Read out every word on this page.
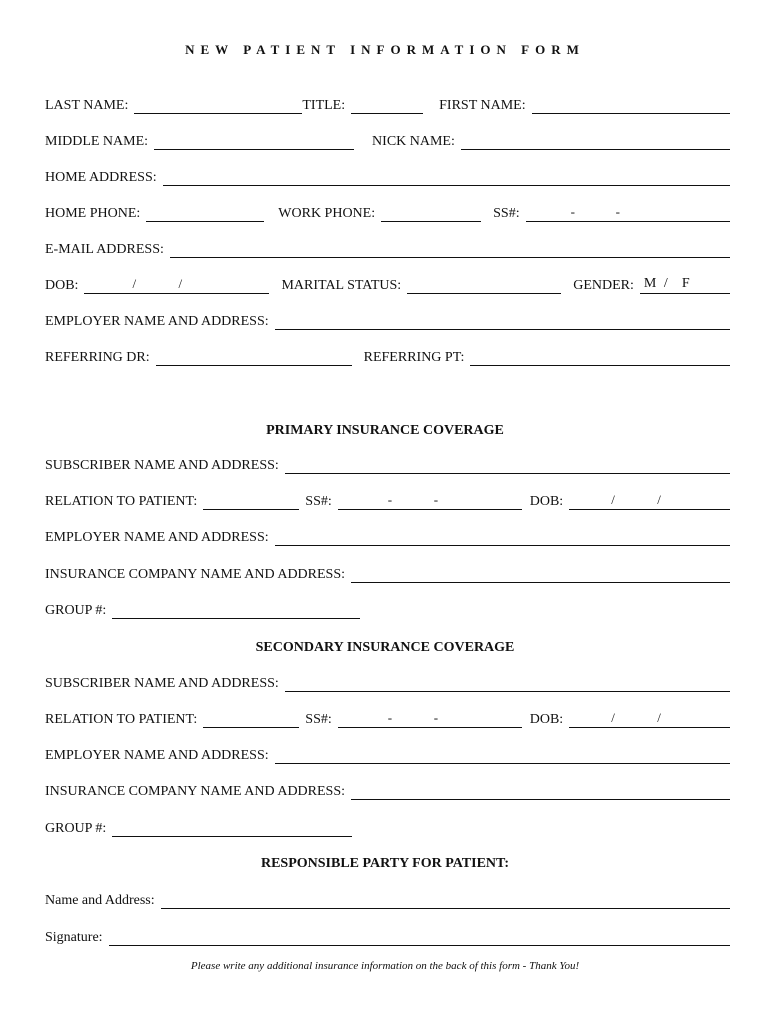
NEW PATIENT INFORMATION FORM
LAST NAME:	TITLE:	FIRST NAME:
MIDDLE NAME:	NICK NAME:
HOME ADDRESS:
HOME PHONE:	WORK PHONE:	SS#:	-	-
E-MAIL ADDRESS:
DOB:	/	/	MARITAL STATUS:	GENDER: M / F
EMPLOYER NAME AND ADDRESS:
REFERRING DR:	REFERRING PT:
PRIMARY INSURANCE COVERAGE
SUBSCRIBER NAME AND ADDRESS:
RELATION TO PATIENT:	SS#:	-	-	DOB:	/	/
EMPLOYER NAME AND ADDRESS:
INSURANCE COMPANY NAME AND ADDRESS:
GROUP #:
SECONDARY INSURANCE COVERAGE
SUBSCRIBER NAME AND ADDRESS:
RELATION TO PATIENT:	SS#:	-	-	DOB:	/	/
EMPLOYER NAME AND ADDRESS:
INSURANCE COMPANY NAME AND ADDRESS:
GROUP #:
RESPONSIBLE PARTY FOR PATIENT:
Name and Address:
Signature:
Please write any additional insurance information on the back of this form - Thank You!
